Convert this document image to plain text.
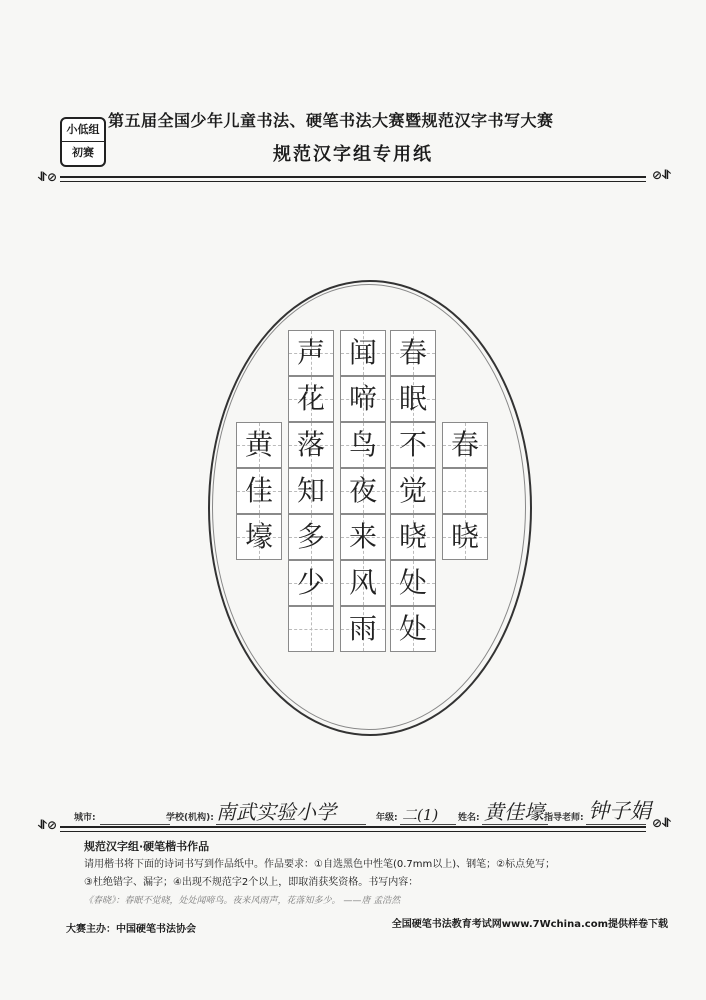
小低组
初赛
第五届全国少年儿童书法、硬笔书法大赛暨规范汉字书写大赛
规范汉字组专用纸
⥯⊘	⊘⥯
春
晓
春
眠
不
觉
晓
处
处
闻
啼
鸟
夜
来
风
雨
声
花
落
知
多
少
黄
佳
壕
城市:	学校(机构): 南武实验小学	年级: 二(1) 姓名: 黄佳壕 指导老师: 钟子娟
⥯⊘	⊘⥯
规范汉字组·硬笔楷书作品
请用楷书将下面的诗词书写到作品纸中。作品要求：①自选黑色中性笔(0.7mm以上)、钢笔；②标点免写；
③杜绝错字、漏字；④出现不规范字2个以上，即取消获奖资格。书写内容：
《春晓》：春眠不觉晓，处处闻啼鸟。夜来风雨声，花落知多少。 ——唐 孟浩然
大赛主办：中国硬笔书法协会	全国硬笔书法教育考试网www.7Wchina.com提供样卷下载
